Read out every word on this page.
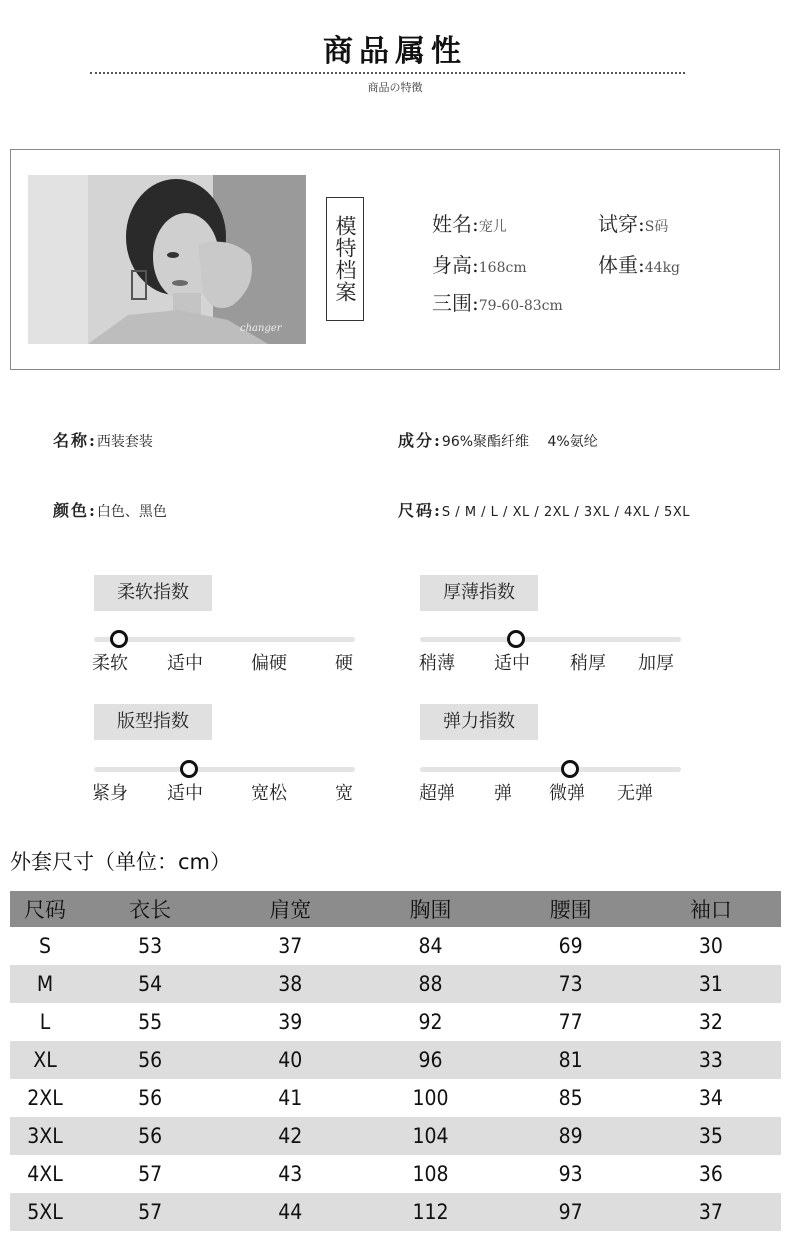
商品属性
商品の特徴
changer
模特档案	姓名:宠儿	试穿:S码
身高:168cm	体重:44kg
三围:79-60-83cm
名称:西装套装	成分:96%聚酯纤维　 4%氨纶
颜色:白色、黑色	尺码:S / M / L / XL / 2XL / 3XL / 4XL / 5XL
柔软指数
柔软 适中	偏硬	硬
厚薄指数
稍薄 适中 稍厚 加厚
版型指数
紧身 适中	宽松	宽
弹力指数
超弹 弹 微弹 无弹
外套尺寸（单位：cm）
尺码	衣长	肩宽	胸围	腰围	袖口
S	53	37	84	69	30
M	54	38	88	73	31
L	55	39	92	77	32
XL	56	40	96	81	33
2XL	56	41	100	85	34
3XL	56	42	104	89	35
4XL	57	43	108	93	36
5XL	57	44	112	97	37
